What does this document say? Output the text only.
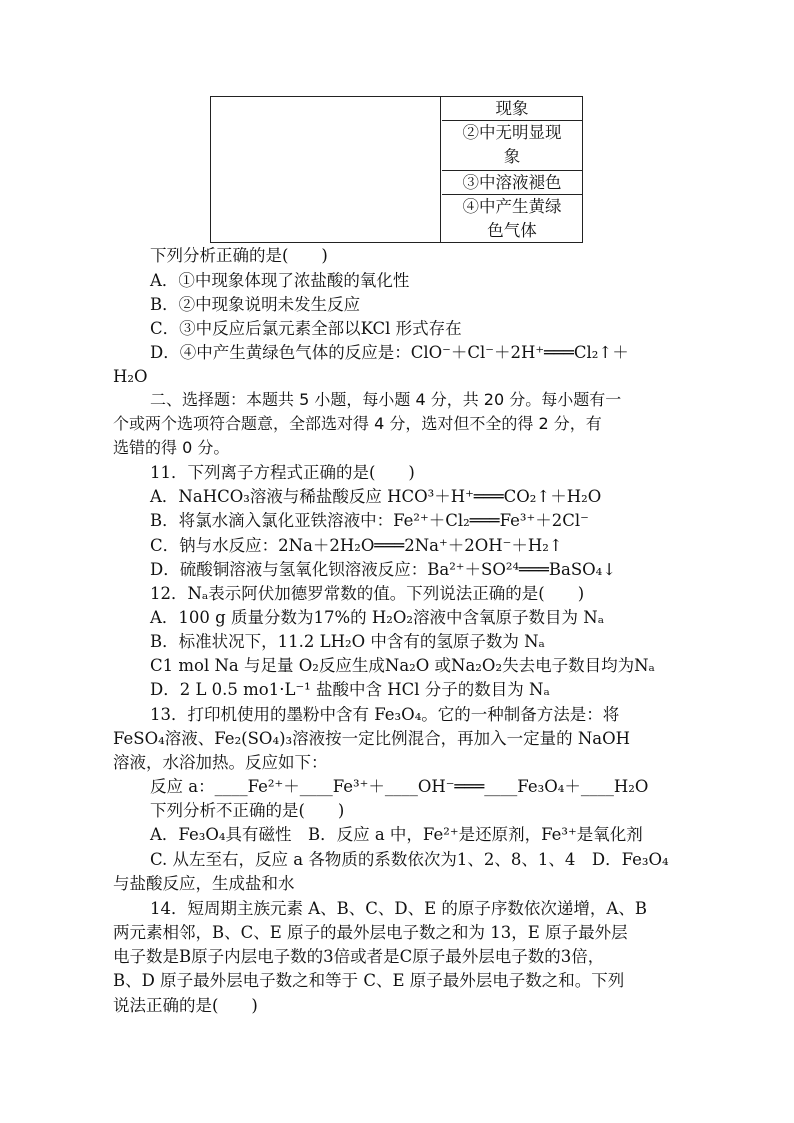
现象
②中无明显现
象
③中溶液褪色
④中产生黄绿
色气体
下列分析正确的是(　　)
A．①中现象体现了浓盐酸的氧化性
B．②中现象说明未发生反应
C．③中反应后氯元素全部以KCl 形式存在
D．④中产生黄绿色气体的反应是：ClO⁻＋Cl⁻＋2H⁺═══Cl₂↑＋
H₂O
二、选择题：本题共 5 小题，每小题 4 分，共 20 分。每小题有一
个或两个选项符合题意，全部选对得 4 分，选对但不全的得 2 分，有
选错的得 0 分。
11．下列离子方程式正确的是(　　)
A．NaHCO₃溶液与稀盐酸反应 HCO³＋H⁺═══CO₂↑＋H₂O
B．将氯水滴入氯化亚铁溶液中：Fe²⁺＋Cl₂═══Fe³⁺＋2Cl⁻
C．钠与水反应：2Na＋2H₂O═══2Na⁺＋2OH⁻＋H₂↑
D．硫酸铜溶液与氢氧化钡溶液反应：Ba²⁺＋SO²⁴═══BaSO₄↓
12．Nₐ表示阿伏加德罗常数的值。下列说法正确的是(　　)
A．100 g 质量分数为17%的 H₂O₂溶液中含氧原子数目为 Nₐ
B．标准状况下，11.2 LH₂O 中含有的氢原子数为 Nₐ
C1 mol Na 与足量 O₂反应生成Na₂O 或Na₂O₂失去电子数目均为Nₐ
D．2 L 0.5 mo1·L⁻¹ 盐酸中含 HCl 分子的数目为 Nₐ
13．打印机使用的墨粉中含有 Fe₃O₄。它的一种制备方法是：将
FeSO₄溶液、Fe₂(SO₄)₃溶液按一定比例混合，再加入一定量的 NaOH
溶液，水浴加热。反应如下：
反应 a：____Fe²⁺＋____Fe³⁺＋____OH⁻═══____Fe₃O₄＋____H₂O
下列分析不正确的是(　　)
A．Fe₃O₄具有磁性　B．反应 a 中，Fe²⁺是还原剂，Fe³⁺是氧化剂
C. 从左至右，反应 a 各物质的系数依次为1、2、8、1、4　D．Fe₃O₄
与盐酸反应，生成盐和水
14．短周期主族元素 A、B、C、D、E 的原子序数依次递增，A、B
两元素相邻，B、C、E 原子的最外层电子数之和为 13，E 原子最外层
电子数是B原子内层电子数的3倍或者是C原子最外层电子数的3倍，
B、D 原子最外层电子数之和等于 C、E 原子最外层电子数之和。下列
说法正确的是(　　)
